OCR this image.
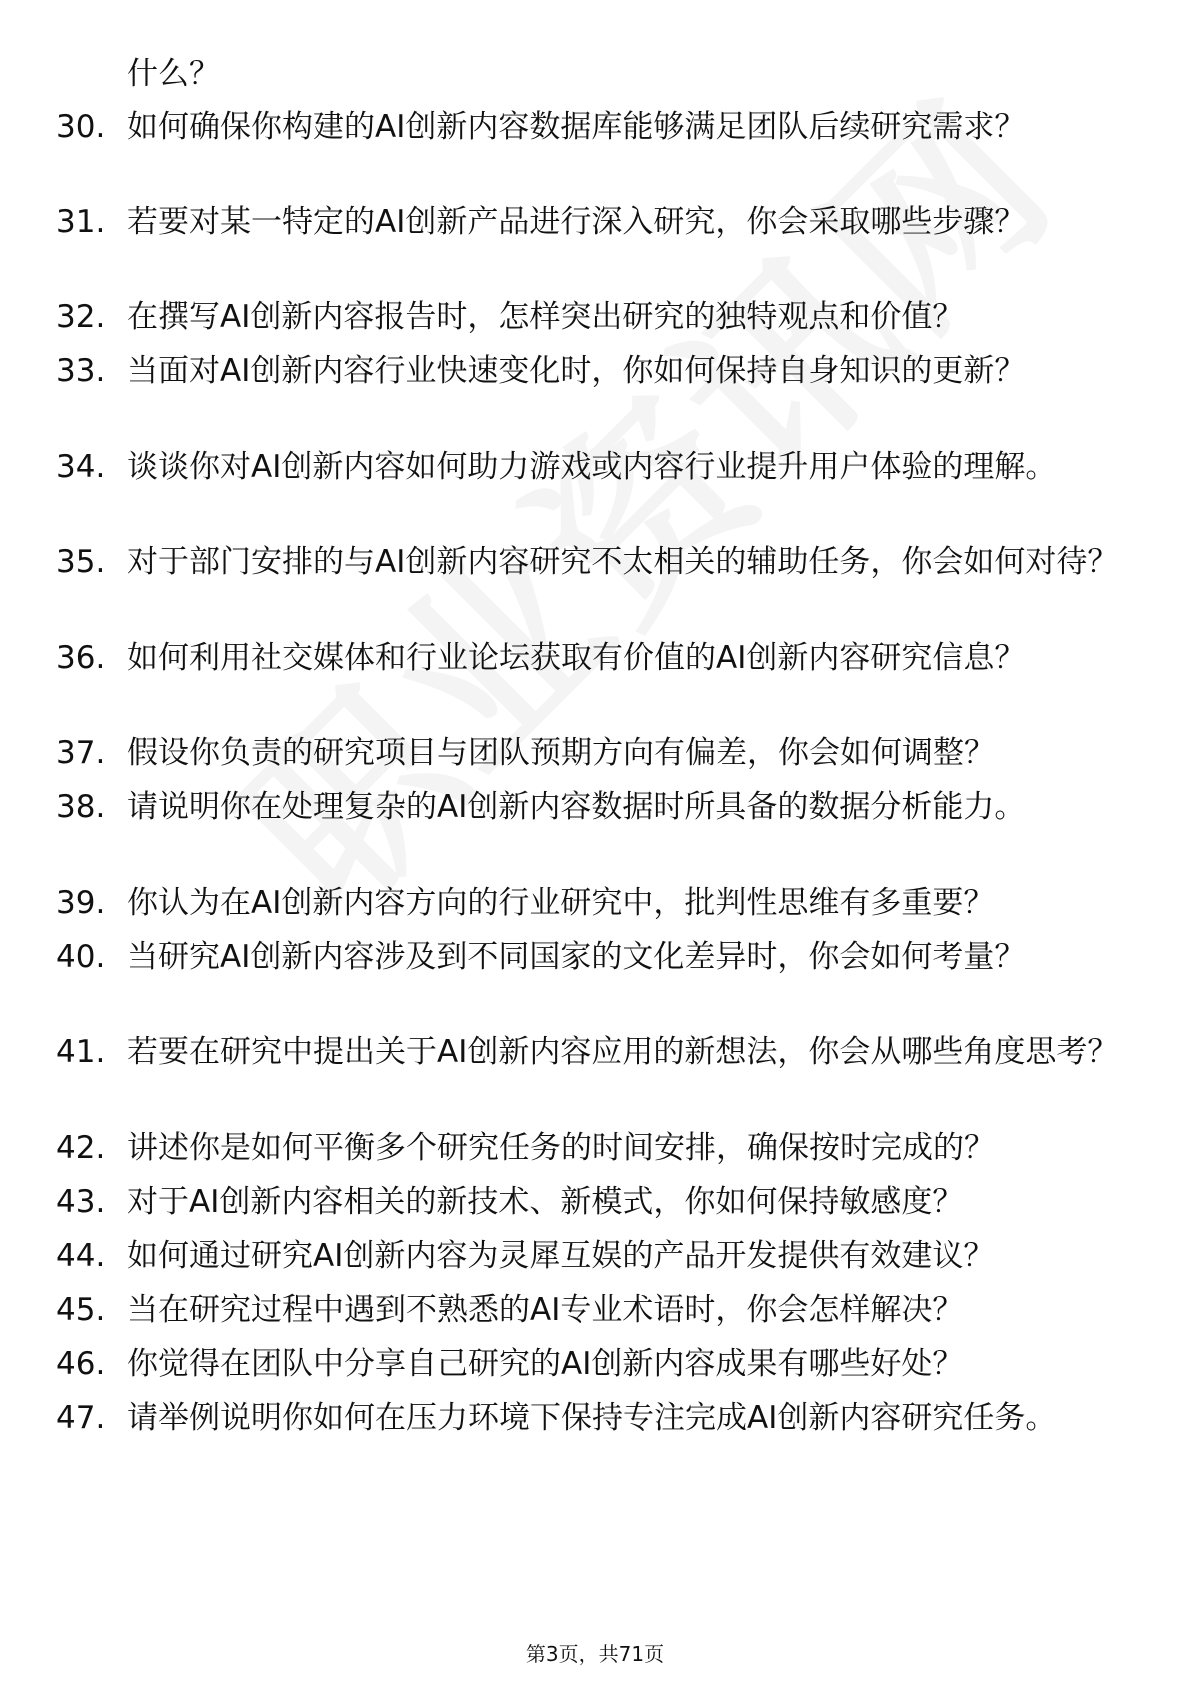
什么？
30. 如何确保你构建的AI创新内容数据库能够满足团队后续研究需求？
31. 若要对某一特定的AI创新产品进行深入研究，你会采取哪些步骤？
32. 在撰写AI创新内容报告时，怎样突出研究的独特观点和价值？
33. 当面对AI创新内容行业快速变化时，你如何保持自身知识的更新？
34. 谈谈你对AI创新内容如何助力游戏或内容行业提升用户体验的理解。
35. 对于部门安排的与AI创新内容研究不太相关的辅助任务，你会如何对待？
36. 如何利用社交媒体和行业论坛获取有价值的AI创新内容研究信息？
37. 假设你负责的研究项目与团队预期方向有偏差，你会如何调整？
38. 请说明你在处理复杂的AI创新内容数据时所具备的数据分析能力。
39. 你认为在AI创新内容方向的行业研究中，批判性思维有多重要？
40. 当研究AI创新内容涉及到不同国家的文化差异时，你会如何考量？
41. 若要在研究中提出关于AI创新内容应用的新想法，你会从哪些角度思考？
42. 讲述你是如何平衡多个研究任务的时间安排，确保按时完成的？
43. 对于AI创新内容相关的新技术、新模式，你如何保持敏感度？
44. 如何通过研究AI创新内容为灵犀互娱的产品开发提供有效建议？
45. 当在研究过程中遇到不熟悉的AI专业术语时，你会怎样解决？
46. 你觉得在团队中分享自己研究的AI创新内容成果有哪些好处？
47. 请举例说明你如何在压力环境下保持专注完成AI创新内容研究任务。
第3页，共71页
